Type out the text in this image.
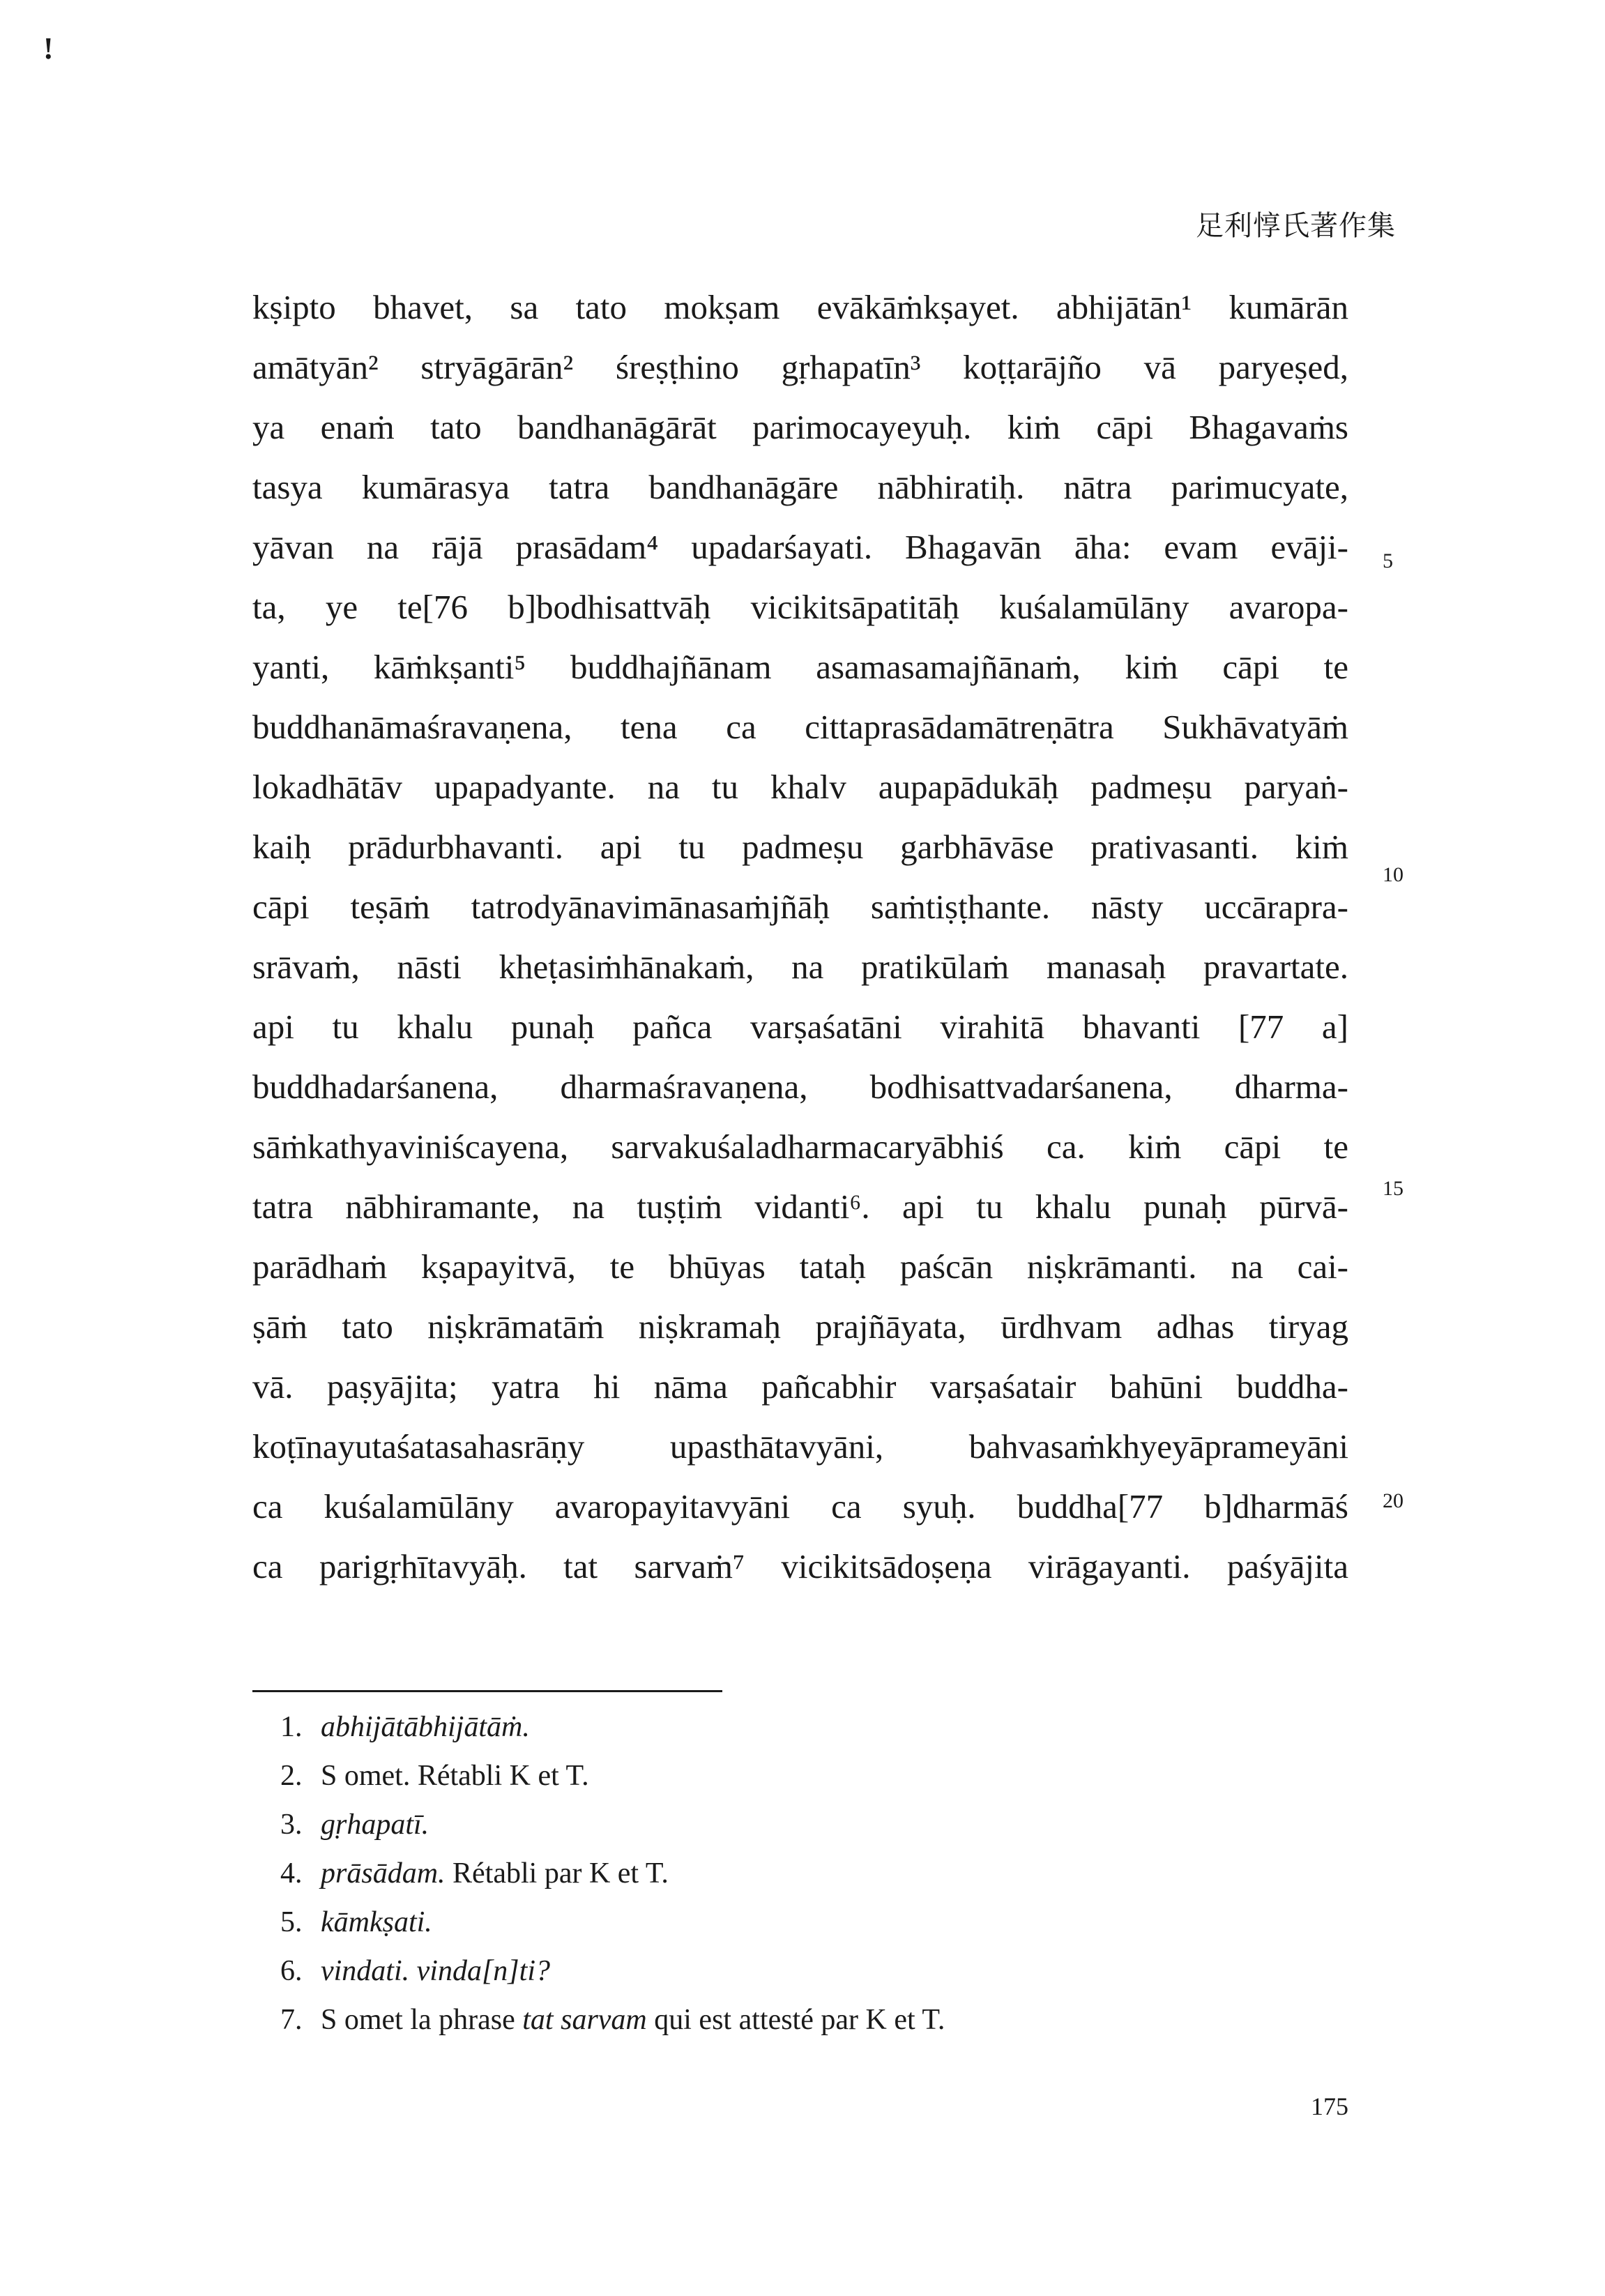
!
足利惇氏著作集
kṣipto bhavet, sa tato mokṣam evākāṁkṣayet. abhijātān¹ kumārān
amātyān² stryāgārān² śreṣṭhino gṛhapatīn³ koṭṭarājño vā paryeṣed,
ya enaṁ tato bandhanāgārāt parimocayeyuḥ. kiṁ cāpi Bhagavaṁs
tasya kumārasya tatra bandhanāgāre nābhiratiḥ. nātra parimucyate,
yāvan na rājā prasādam⁴ upadarśayati. Bhagavān āha: evam evāji-
ta, ye te[76 b]bodhisattvāḥ vicikitsāpatitāḥ kuśalamūlāny avaropa-
yanti, kāṁkṣanti⁵ buddhajñānam asamasamajñānaṁ, kiṁ cāpi te
buddhanāmaśravaṇena, tena ca cittaprasādamātreṇātra Sukhāvatyāṁ
lokadhātāv upapadyante. na tu khalv aupapādukāḥ padmeṣu paryaṅ-
kaiḥ prādurbhavanti. api tu padmeṣu garbhāvāse prativasanti. kiṁ
cāpi teṣāṁ tatrodyānavimānasaṁjñāḥ saṁtiṣṭhante. nāsty uccārapra-
srāvaṁ, nāsti kheṭasiṁhānakaṁ, na pratikūlaṁ manasaḥ pravartate.
api tu khalu punaḥ pañca varṣaśatāni virahitā bhavanti [77 a]
buddhadarśanena, dharmaśravaṇena, bodhisattvadarśanena, dharma-
sāṁkathyaviniścayena, sarvakuśaladharmacaryābhiś ca. kiṁ cāpi te
tatra nābhiramante, na tuṣṭiṁ vidanti⁶. api tu khalu punaḥ pūrvā-
parādhaṁ kṣapayitvā, te bhūyas tataḥ paścān niṣkrāmanti. na cai-
ṣāṁ tato niṣkrāmatāṁ niṣkramaḥ prajñāyata, ūrdhvam adhas tiryag
vā. paṣyājita; yatra hi nāma pañcabhir varṣaśatair bahūni buddha-
koṭīnayutaśatasahasrāṇy upasthātavyāni, bahvasaṁkhyeyāprameyāni
ca kuśalamūlāny avaropayitavyāni ca syuḥ. buddha[77 b]dharmāś
ca parigṛhītavyāḥ. tat sarvaṁ⁷ vicikitsādoṣeṇa virāgayanti. paśyājita
5
10
15
20
1. abhijātābhijātāṁ.
2. S omet. Rétabli K et T.
3. gṛhapatī.
4. prāsādam. Rétabli par K et T.
5. kāmkṣati.
6. vindati. vinda[n]ti?
7. S omet la phrase tat sarvam qui est attesté par K et T.
175
